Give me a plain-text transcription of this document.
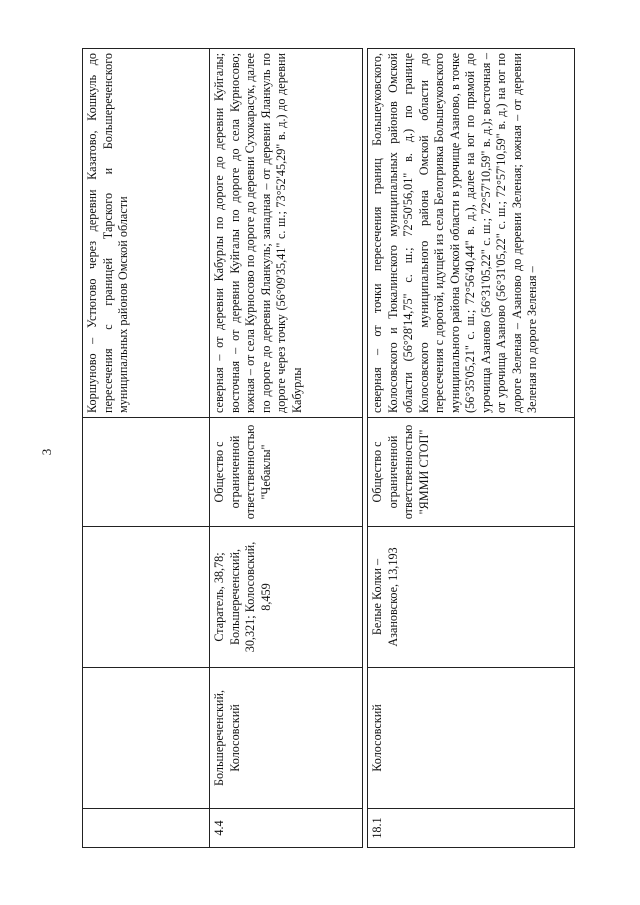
3
				Коршуново – Устюгово через деревни Казатово, Кошкуль до пересечения с границей Тарского и Большереченского муниципальных районов Омской области
4.4	Большереченский, Колосовский	Старатель, 38,78; Большереченский, 30,321; Колосовский, 8,459	Общество с ограниченной ответственностью "Чебаклы"	северная – от деревни Кабурлы по дороге до деревни Куйгалы; восточная – от деревни Куйгалы по дороге до села Курносово; южная – от села Курносово по дороге до деревни Сухокарасук, далее по дороге до деревни Яланкуль; западная – от деревни Яланкуль по дороге через точку (56°09'35,41" с. ш.; 73°52'45,29" в. д.) до деревни Кабурлы

18.1	Колосовский	Белые Колки – Азановское, 13,193	Общество с ограниченной ответственностью "ЯММИ СТОП"	северная – от точки пересечения границ Большеуковского, Колосовского и Тюкалинского муниципальных районов Омской области (56°28'14,75" с. ш.; 72°50'56,01" в. д.) по границе Колосовского муниципального района Омской области до пересечения с дорогой, идущей из села Белогривка Большеуковского муниципального района Омской области в урочище Азаново, в точке (56°35'05,21" с. ш.; 72°56'40,44" в. д.), далее на юг по прямой до урочища Азаново (56°31'05,22" с. ш.; 72°57'10,59" в. д.); восточная – от урочища Азаново (56°31'05,22" с. ш.; 72°57'10,59" в. д.) на юг по дороге Зеленая – Азаново до деревни Зеленая; южная – от деревни Зеленая по дороге Зеленая –
